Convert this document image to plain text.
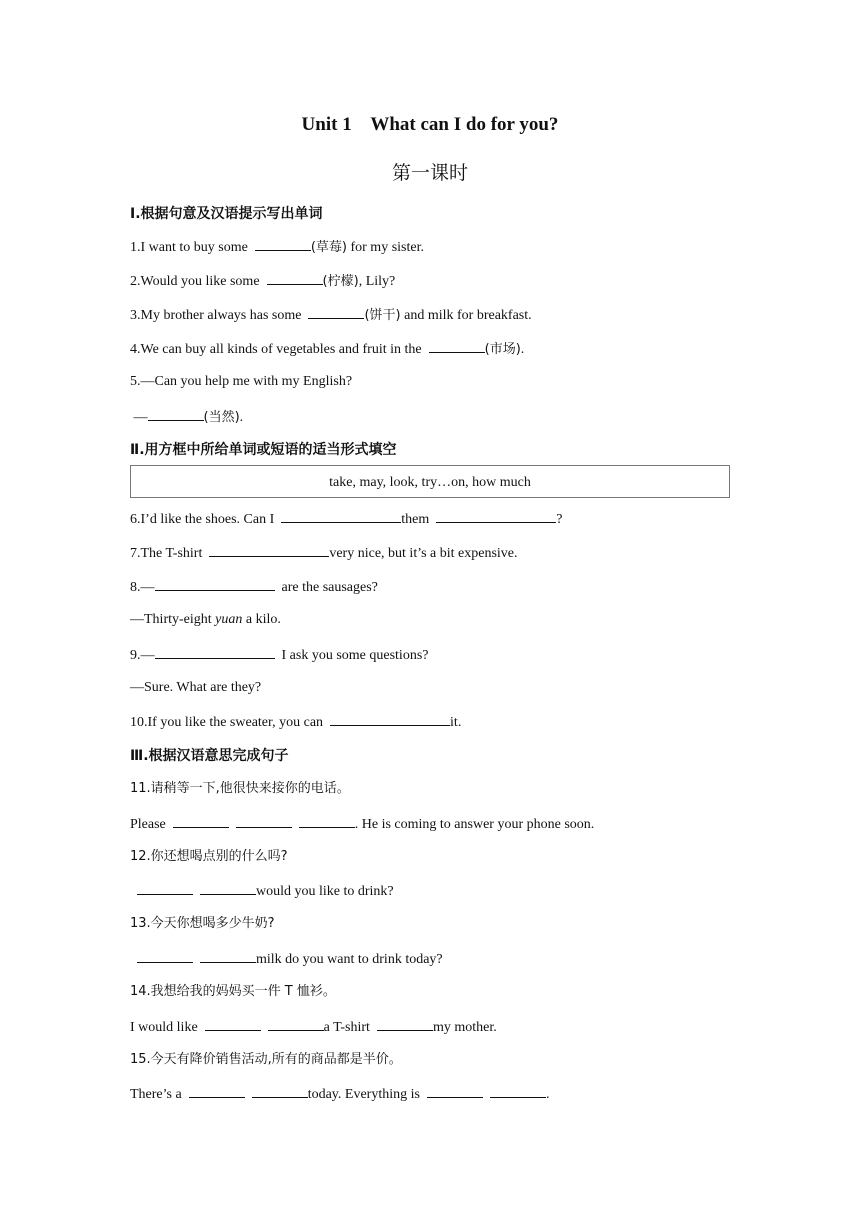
Unit 1    What can I do for you?
第一课时
Ⅰ.根据句意及汉语提示写出单词
1.I want to buy some	(草莓) for my sister.
2.Would you like some	(柠檬), Lily?
3.My brother always has some	(饼干) and milk for breakfast.
4.We can buy all kinds of vegetables and fruit in the	(市场).
5.—Can you help me with my English?
—	(当然).
Ⅱ.用方框中所给单词或短语的适当形式填空
take, may, look, try…on, how much
6.I’d like the shoes. Can I	them	?
7.The T-shirt	very nice, but it’s a bit expensive.
8.—	are the sausages?
—Thirty-eight yuan a kilo.
9.—	I ask you some questions?
—Sure. What are they?
10.If you like the sweater, you can	it.
Ⅲ.根据汉语意思完成句子
11.请稍等一下,他很快来接你的电话。
Please	. He is coming to answer your phone soon.
12.你还想喝点别的什么吗?
would you like to drink?
13.今天你想喝多少牛奶?
milk do you want to drink today?
14.我想给我的妈妈买一件 T 恤衫。
I would like	a T-shirt	my mother.
15.今天有降价销售活动,所有的商品都是半价。
There’s a	today. Everything is	.
